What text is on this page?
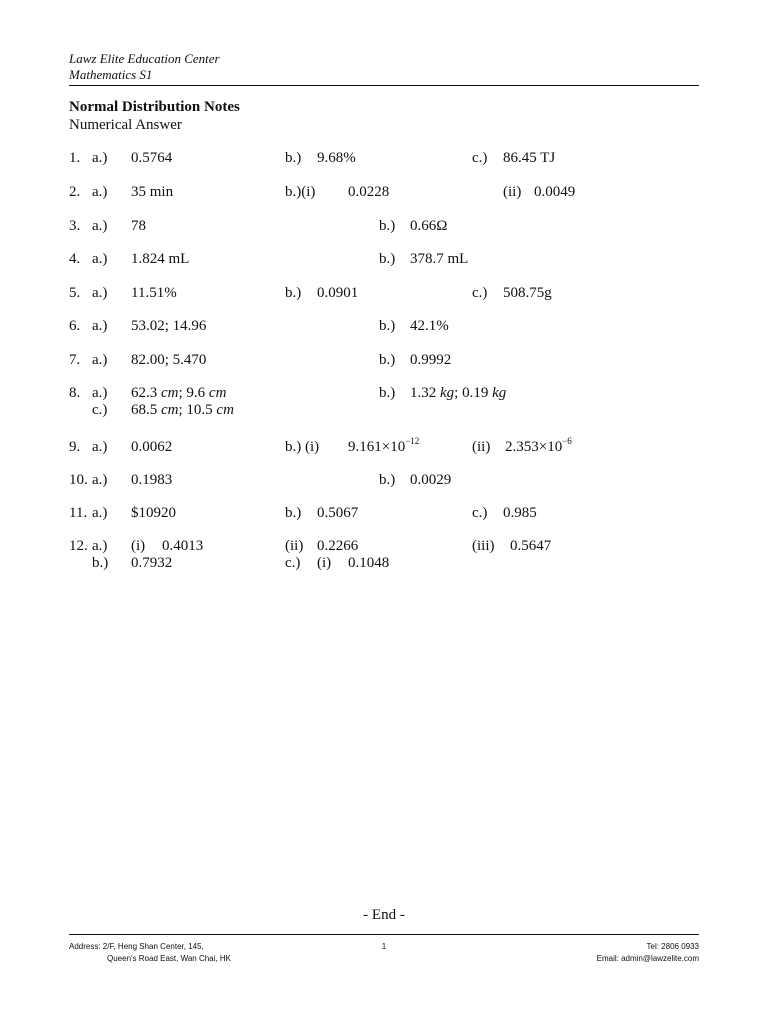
Lawz Elite Education Center
Mathematics S1
Normal Distribution Notes
Numerical Answer
1. a.) 0.5764	b.) 9.68%	c.) 86.45 TJ
2. a.) 35 min	b.)(i) 0.0228	(ii) 0.0049
3. a.) 78	b.) 0.66Ω
4. a.) 1.824 mL	b.) 378.7 mL
5. a.) 11.51%	b.) 0.0901	c.) 508.75g
6. a.) 53.02; 14.96	b.) 42.1%
7. a.) 82.00; 5.470	b.) 0.9992
8. a.) 62.3 cm; 9.6 cm	b.) 1.32 kg; 0.19 kg
c.) 68.5 cm; 10.5 cm
9. a.) 0.0062	b.) (i) $9.161\times 10^{-12}$	(ii) $2.353\times 10^{-6}$
10. a.) 0.1983	b.) 0.0029
11. a.) $10920	b.) 0.5067	c.) 0.985
12. a.) (i) 0.4013	(ii) 0.2266	(iii) 0.5647
b.) 0.7932	c.) (i) 0.1048
- End -
Address: 2/F, Heng Shan Center, 145,
Queen's Road East, Wan Chai, HK
1	Tel: 2806 0933
Email: admin@lawzelite.com
